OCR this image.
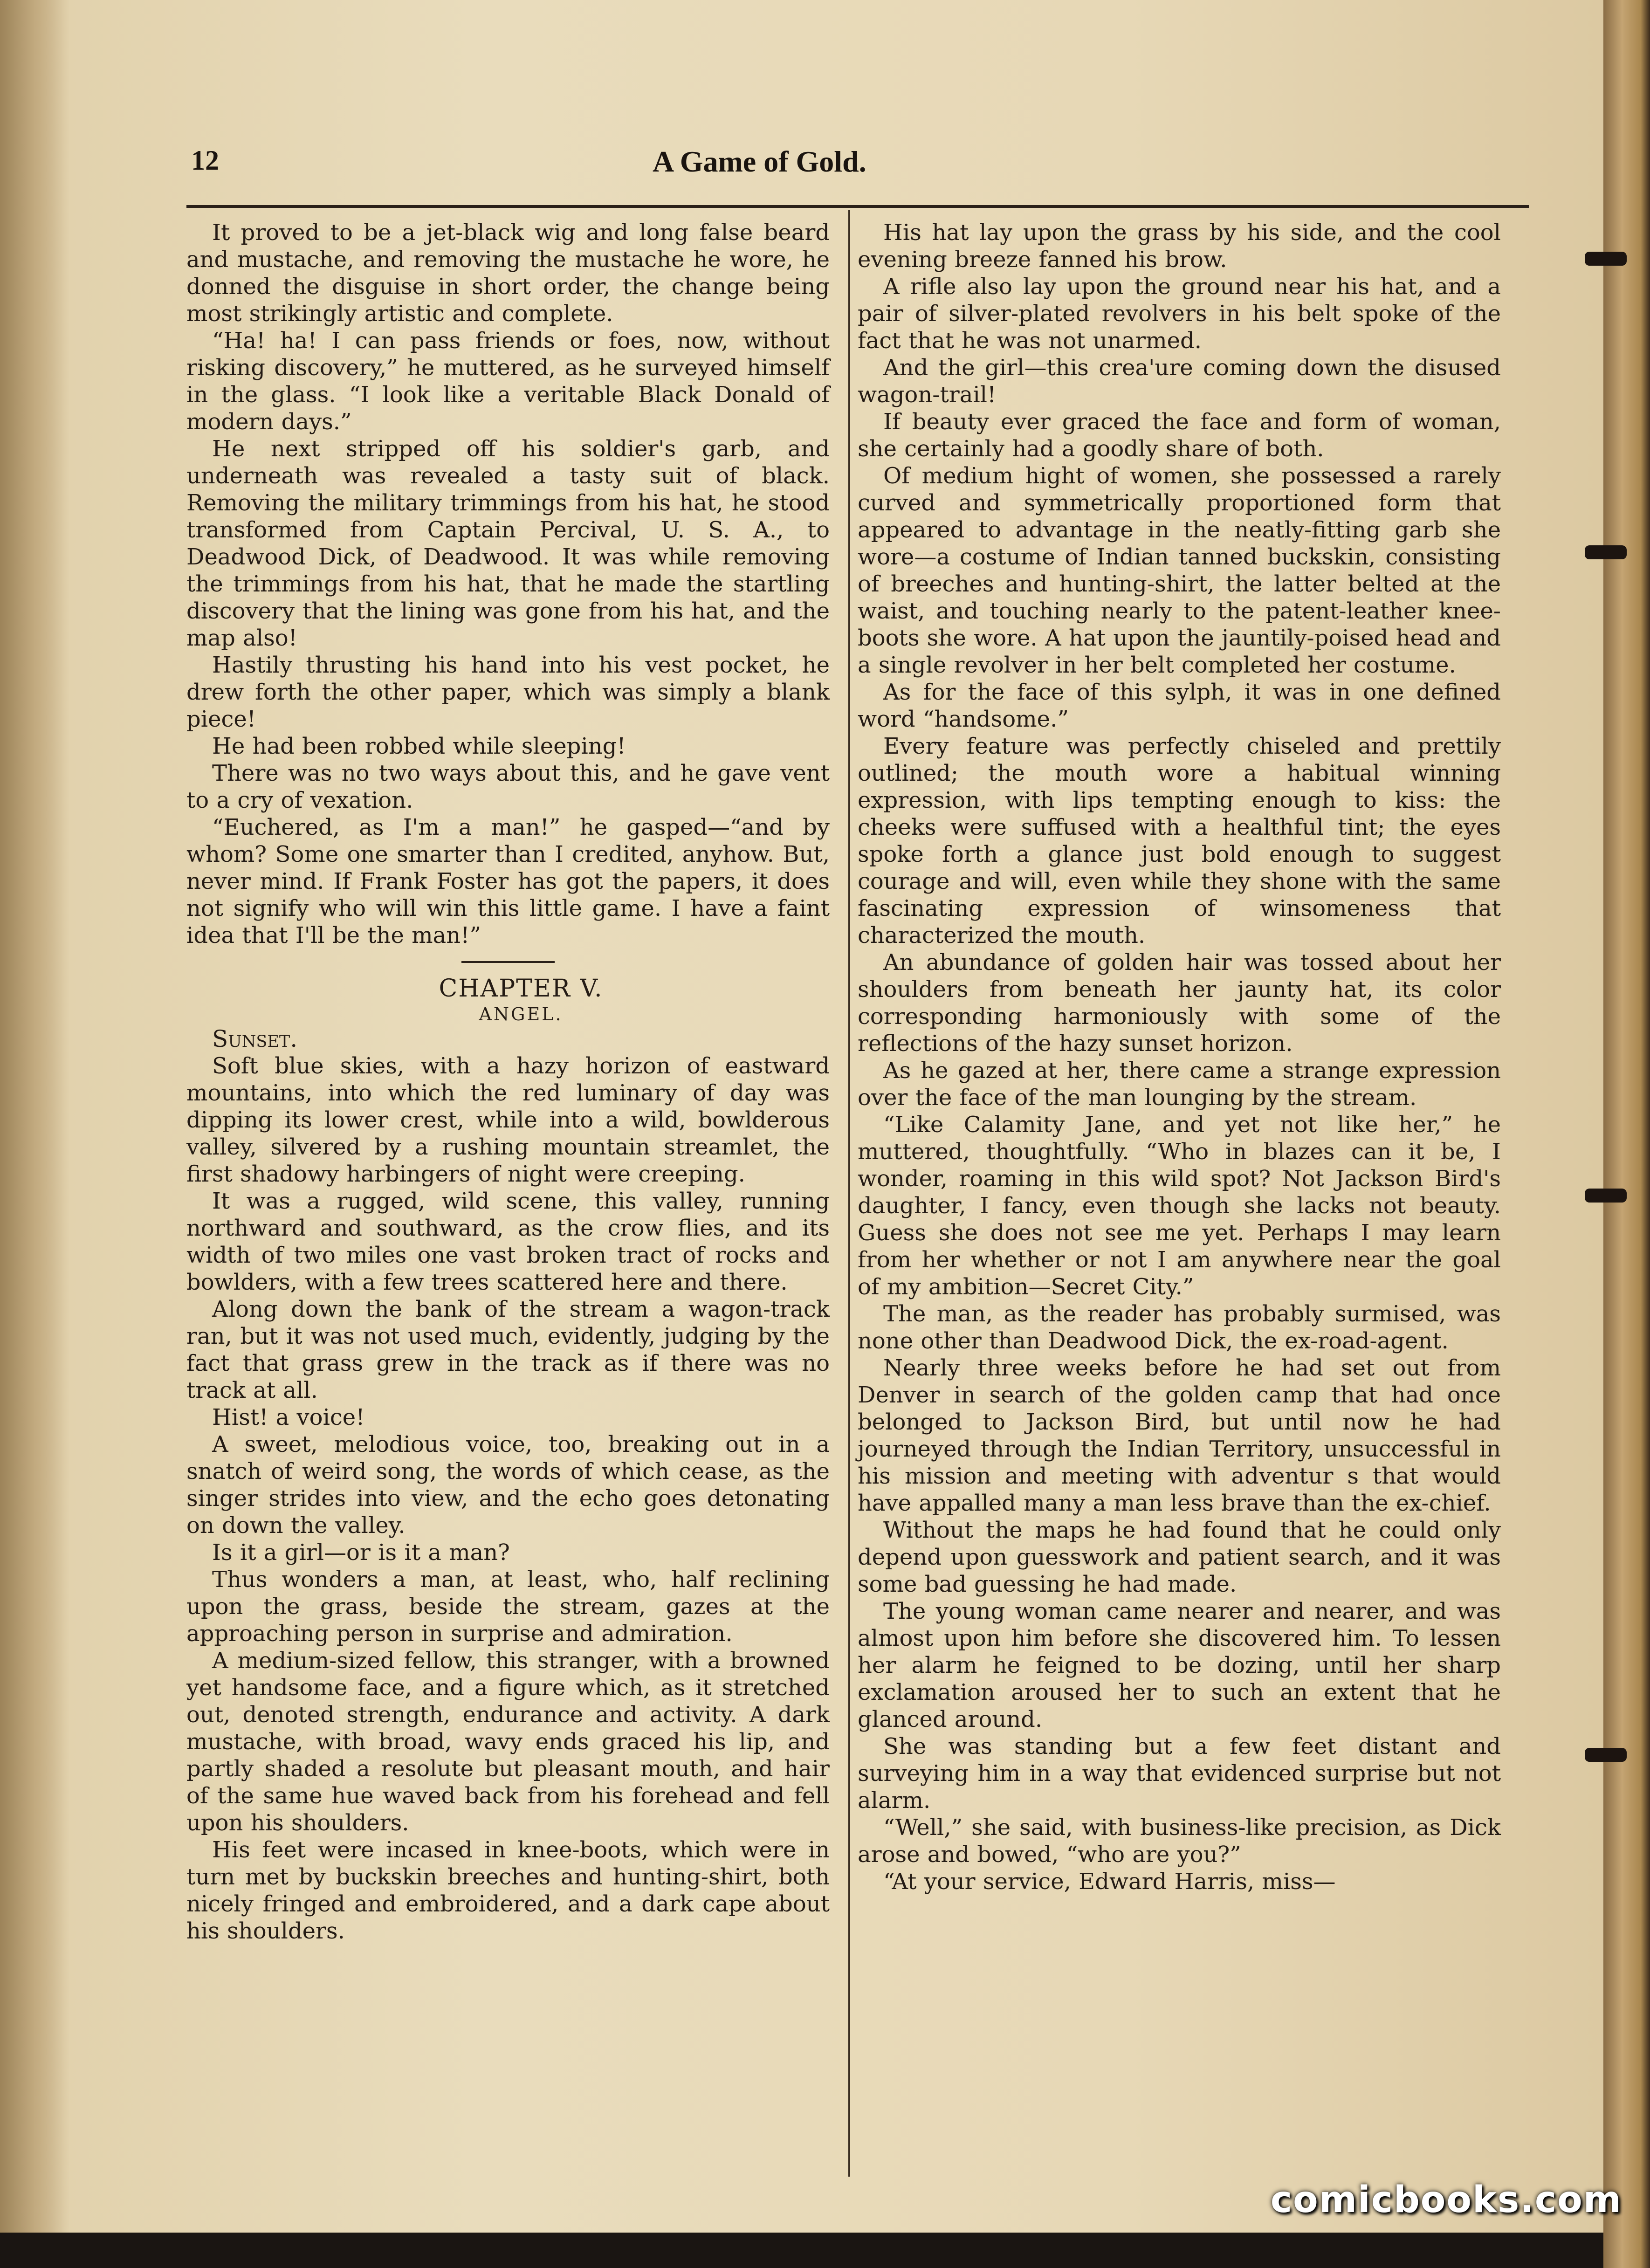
12	A Game of Gold.

It proved to be a jet-black wig and long false beard and mustache, and removing the mustache he wore, he donned the disguise in short order, the change being most strikingly artistic and complete.

“Ha! ha! I can pass friends or foes, now, without risking discovery,” he muttered, as he surveyed himself in the glass. “I look like a veritable Black Donald of modern days.”

He next stripped off his soldier's garb, and underneath was revealed a tasty suit of black. Removing the military trimmings from his hat, he stood transformed from Captain Percival, U. S. A., to Deadwood Dick, of Deadwood. It was while removing the trimmings from his hat, that he made the startling discovery that the lining was gone from his hat, and the map also!

Hastily thrusting his hand into his vest pocket, he drew forth the other paper, which was simply a blank piece!

He had been robbed while sleeping!

There was no two ways about this, and he gave vent to a cry of vexation.

“Euchered, as I'm a man!” he gasped—“and by whom? Some one smarter than I credited, anyhow. But, never mind. If Frank Foster has got the papers, it does not signify who will win this little game. I have a faint idea that I'll be the man!”

CHAPTER V.

ANGEL.

Sunset.

Soft blue skies, with a hazy horizon of eastward mountains, into which the red luminary of day was dipping its lower crest, while into a wild, bowlderous valley, silvered by a rushing mountain streamlet, the first shadowy harbingers of night were creeping.

It was a rugged, wild scene, this valley, running northward and southward, as the crow flies, and its width of two miles one vast broken tract of rocks and bowlders, with a few trees scattered here and there.

Along down the bank of the stream a wagon-track ran, but it was not used much, evidently, judging by the fact that grass grew in the track as if there was no track at all.

Hist! a voice!

A sweet, melodious voice, too, breaking out in a snatch of weird song, the words of which cease, as the singer strides into view, and the echo goes detonating on down the valley.

Is it a girl—or is it a man?

Thus wonders a man, at least, who, half reclining upon the grass, beside the stream, gazes at the approaching person in surprise and admiration.

A medium-sized fellow, this stranger, with a browned yet handsome face, and a figure which, as it stretched out, denoted strength, endurance and activity. A dark mustache, with broad, wavy ends graced his lip, and partly shaded a resolute but pleasant mouth, and hair of the same hue waved back from his forehead and fell upon his shoulders.

His feet were incased in knee-boots, which were in turn met by buckskin breeches and hunting-shirt, both nicely fringed and embroidered, and a dark cape about his shoulders.

His hat lay upon the grass by his side, and the cool evening breeze fanned his brow.

A rifle also lay upon the ground near his hat, and a pair of silver-plated revolvers in his belt spoke of the fact that he was not unarmed.

And the girl—this crea'ure coming down the disused wagon-trail!

If beauty ever graced the face and form of woman, she certainly had a goodly share of both.

Of medium hight of women, she possessed a rarely curved and symmetrically proportioned form that appeared to advantage in the neatly-fitting garb she wore—a costume of Indian tanned buckskin, consisting of breeches and hunting-shirt, the latter belted at the waist, and touching nearly to the patent-leather knee-boots she wore. A hat upon the jauntily-poised head and a single revolver in her belt completed her costume.

As for the face of this sylph, it was in one defined word “handsome.”

Every feature was perfectly chiseled and prettily outlined; the mouth wore a habitual winning expression, with lips tempting enough to kiss: the cheeks were suffused with a healthful tint; the eyes spoke forth a glance just bold enough to suggest courage and will, even while they shone with the same fascinating expression of winsomeness that characterized the mouth.

An abundance of golden hair was tossed about her shoulders from beneath her jaunty hat, its color corresponding harmoniously with some of the reflections of the hazy sunset horizon.

As he gazed at her, there came a strange expression over the face of the man lounging by the stream.

“Like Calamity Jane, and yet not like her,” he muttered, thoughtfully. “Who in blazes can it be, I wonder, roaming in this wild spot? Not Jackson Bird's daughter, I fancy, even though she lacks not beauty. Guess she does not see me yet. Perhaps I may learn from her whether or not I am anywhere near the goal of my ambition—Secret City.”

The man, as the reader has probably surmised, was none other than Deadwood Dick, the ex-road-agent.

Nearly three weeks before he had set out from Denver in search of the golden camp that had once belonged to Jackson Bird, but until now he had journeyed through the Indian Territory, unsuccessful in his mission and meeting with adventur s that would have appalled many a man less brave than the ex-chief.

Without the maps he had found that he could only depend upon guesswork and patient search, and it was some bad guessing he had made.

The young woman came nearer and nearer, and was almost upon him before she discovered him. To lessen her alarm he feigned to be dozing, until her sharp exclamation aroused her to such an extent that he glanced around.

She was standing but a few feet distant and surveying him in a way that evidenced surprise but not alarm.

“Well,” she said, with business-like precision, as Dick arose and bowed, “who are you?”

“At your service, Edward Harris, miss—

comicbooks.com
